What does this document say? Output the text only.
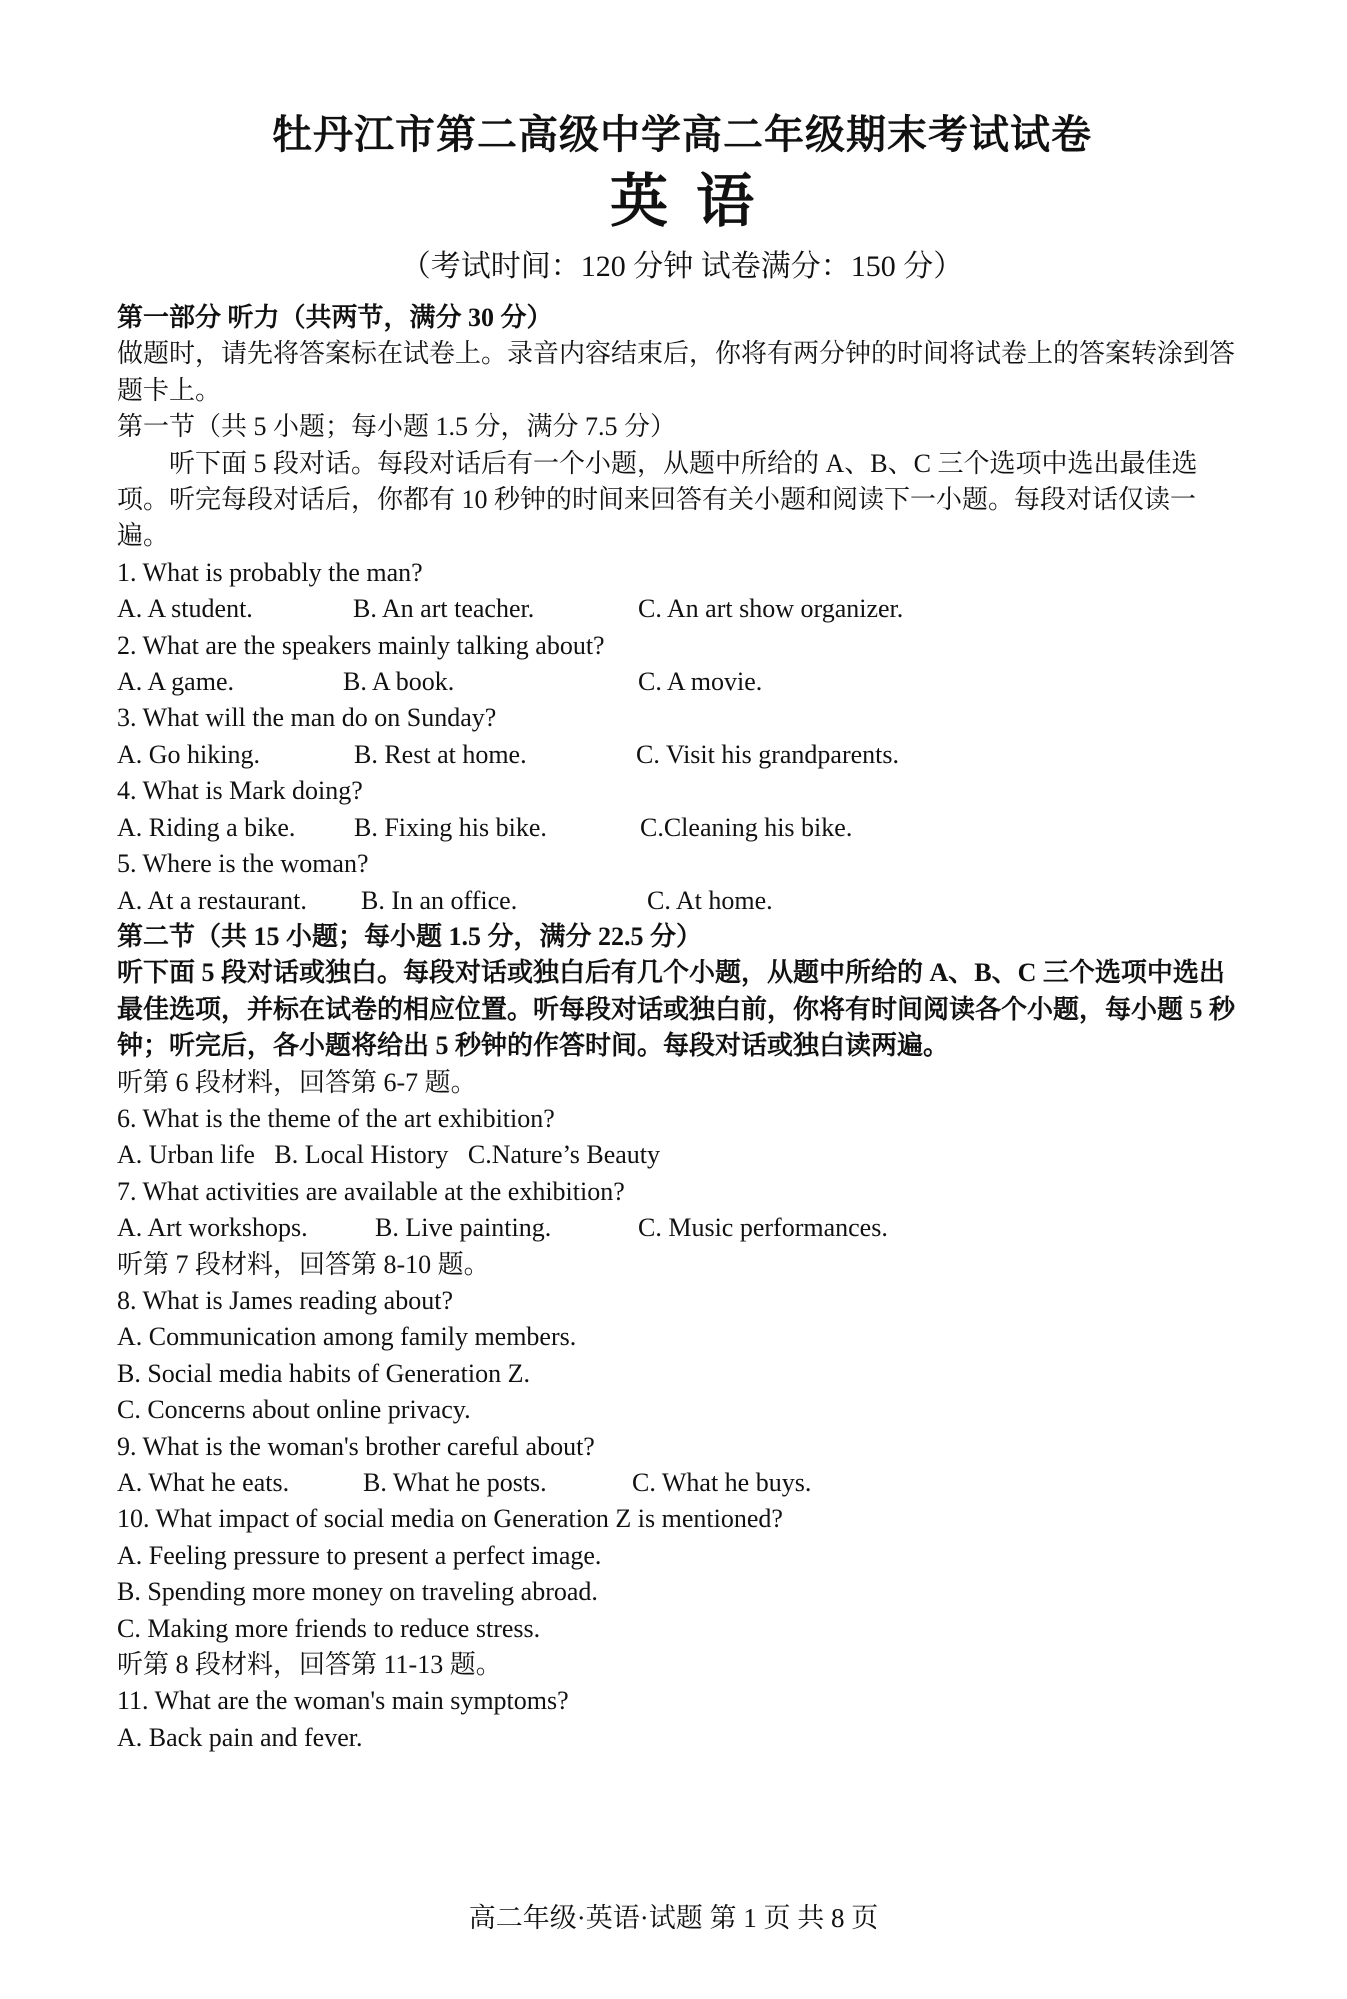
牡丹江市第二高级中学高二年级期末考试试卷
英语

（考试时间：120 分钟 试卷满分：150 分）

第一部分 听力（共两节，满分 30 分）

做题时，请先将答案标在试卷上。录音内容结束后，你将有两分钟的时间将试卷上的答案转涂到答题卡上。

第一节（共 5 小题；每小题 1.5 分，满分 7.5 分）

听下面 5 段对话。每段对话后有一个小题，从题中所给的 A、B、C 三个选项中选出最佳选项。听完每段对话后，你都有 10 秒钟的时间来回答有关小题和阅读下一小题。每段对话仅读一遍。

1. What is probably the man?

A. A student.	B. An art teacher.	C. An art show organizer.

2. What are the speakers mainly talking about?

A. A game.	B. A book.	C. A movie.

3. What will the man do on Sunday?

A. Go hiking.	B. Rest at home.	C. Visit his grandparents.

4. What is Mark doing?

A. Riding a bike.	B. Fixing his bike.	C.Cleaning his bike.

5. Where is the woman?

A. At a restaurant.	B. In an office.	C. At home.

第二节（共 15 小题；每小题 1.5 分，满分 22.5 分）

听下面 5 段对话或独白。每段对话或独白后有几个小题，从题中所给的 A、B、C 三个选项中选出最佳选项，并标在试卷的相应位置。听每段对话或独白前，你将有时间阅读各个小题，每小题 5 秒钟；听完后，各小题将给出 5 秒钟的作答时间。每段对话或独白读两遍。

听第 6 段材料，回答第 6-7 题。

6. What is the theme of the art exhibition?

A. Urban life   B. Local History   C.Nature’s Beauty

7. What activities are available at the exhibition?

A. Art workshops.	B. Live painting.	C. Music performances.

听第 7 段材料，回答第 8-10 题。

8. What is James reading about?

A. Communication among family members.

B. Social media habits of Generation Z.

C. Concerns about online privacy.

9. What is the woman's brother careful about?

A. What he eats.	B. What he posts.	C. What he buys.

10. What impact of social media on Generation Z is mentioned?

A. Feeling pressure to present a perfect image.

B. Spending more money on traveling abroad.

C. Making more friends to reduce stress.

听第 8 段材料，回答第 11-13 题。

11. What are the woman's main symptoms?

A. Back pain and fever.

高二年级·英语·试题 第 1 页 共 8 页
